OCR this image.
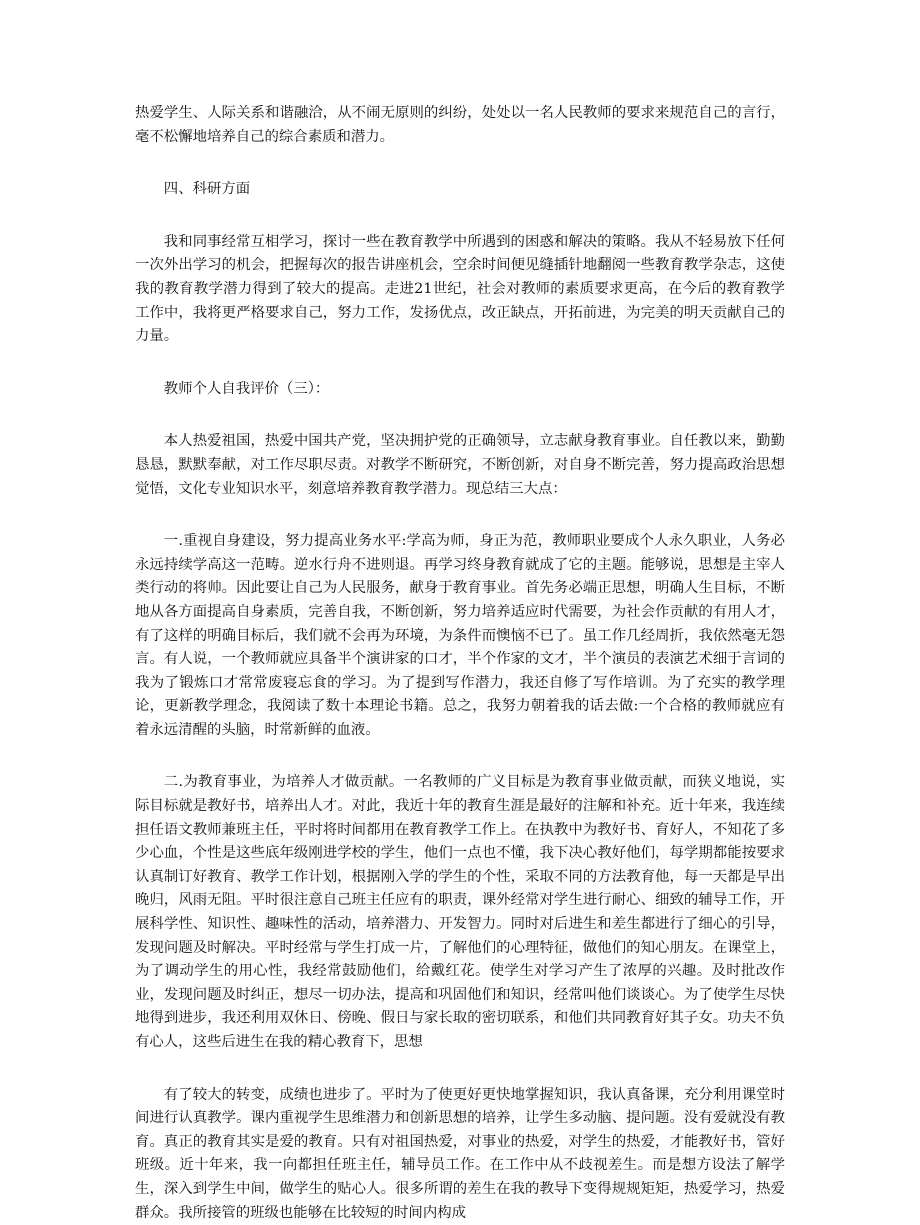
热爱学生、人际关系和谐融洽，从不闹无原则的纠纷，处处以一名人民教师的要求来规范自己的言行，毫不松懈地培养自己的综合素质和潜力。

四、科研方面

我和同事经常互相学习，探讨一些在教育教学中所遇到的困惑和解决的策略。我从不轻易放下任何一次外出学习的机会，把握每次的报告讲座机会，空余时间便见缝插针地翻阅一些教育教学杂志，这使我的教育教学潜力得到了较大的提高。走进21世纪，社会对教师的素质要求更高，在今后的教育教学工作中，我将更严格要求自己，努力工作，发扬优点，改正缺点，开拓前进，为完美的明天贡献自己的力量。

教师个人自我评价（三）：

本人热爱祖国，热爱中国共产党，坚决拥护党的正确领导，立志献身教育事业。自任教以来，勤勤恳恳，默默奉献，对工作尽职尽责。对教学不断研究，不断创新，对自身不断完善，努力提高政治思想觉悟，文化专业知识水平，刻意培养教育教学潜力。现总结三大点：

一.重视自身建设，努力提高业务水平:学高为师，身正为范，教师职业要成个人永久职业，人务必永远持续学高这一范畴。逆水行舟不进则退。再学习终身教育就成了它的主题。能够说，思想是主宰人类行动的将帅。因此要让自己为人民服务，献身于教育事业。首先务必端正思想，明确人生目标，不断地从各方面提高自身素质，完善自我，不断创新，努力培养适应时代需要，为社会作贡献的有用人才，有了这样的明确目标后，我们就不会再为环境，为条件而懊恼不已了。虽工作几经周折，我依然毫无怨言。有人说，一个教师就应具备半个演讲家的口才，半个作家的文才，半个演员的表演艺术细于言词的我为了锻炼口才常常废寝忘食的学习。为了提到写作潜力，我还自修了写作培训。为了充实的教学理论，更新教学理念，我阅读了数十本理论书籍。总之，我努力朝着我的话去做:一个合格的教师就应有着永远清醒的头脑，时常新鲜的血液。

二.为教育事业，为培养人才做贡献。一名教师的广义目标是为教育事业做贡献，而狭义地说，实际目标就是教好书，培养出人才。对此，我近十年的教育生涯是最好的注解和补充。近十年来，我连续担任语文教师兼班主任，平时将时间都用在教育教学工作上。在执教中为教好书、育好人，不知花了多少心血，个性是这些底年级刚进学校的学生，他们一点也不懂，我下决心教好他们，每学期都能按要求认真制订好教育、教学工作计划，根据刚入学的学生的个性，采取不同的方法教育他，每一天都是早出晚归，风雨无阻。平时很注意自己班主任应有的职责，课外经常对学生进行耐心、细致的辅导工作，开展科学性、知识性、趣味性的活动，培养潜力、开发智力。同时对后进生和差生都进行了细心的引导，发现问题及时解决。平时经常与学生打成一片，了解他们的心理特征，做他们的知心朋友。在课堂上，为了调动学生的用心性，我经常鼓励他们，给戴红花。使学生对学习产生了浓厚的兴趣。及时批改作业，发现问题及时纠正，想尽一切办法，提高和巩固他们和知识，经常叫他们谈谈心。为了使学生尽快地得到进步，我还利用双休日、傍晚、假日与家长取的密切联系，和他们共同教育好其子女。功夫不负有心人，这些后进生在我的精心教育下，思想

有了较大的转变，成绩也进步了。平时为了使更好更快地掌握知识，我认真备课，充分利用课堂时间进行认真教学。课内重视学生思维潜力和创新思想的培养，让学生多动脑、提问题。没有爱就没有教育。真正的教育其实是爱的教育。只有对祖国热爱，对事业的热爱，对学生的热爱，才能教好书，管好班级。近十年来，我一向都担任班主任，辅导员工作。在工作中从不歧视差生。而是想方设法了解学生，深入到学生中间，做学生的贴心人。很多所谓的差生在我的教导下变得规规矩矩，热爱学习，热爱群众。我所接管的班级也能够在比较短的时间内构成
